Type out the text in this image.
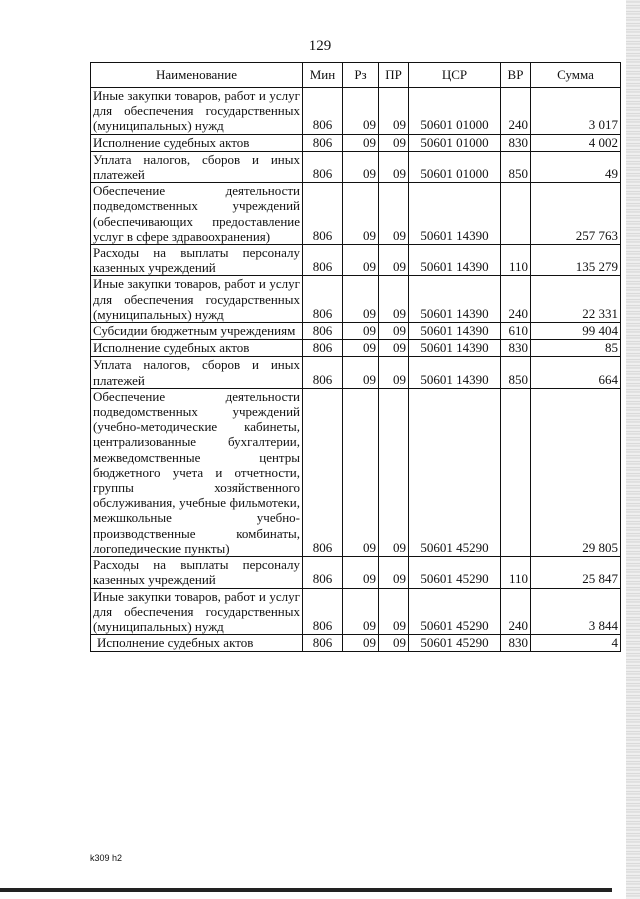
129
Наименование	Мин	Рз	ПР	ЦСР	ВР	Сумма
Иные закупки товаров, работ и услуг для обеспечения государственных (муниципальных) нужд	806	09	09	50601 01000	240	3 017
Исполнение судебных актов	806	09	09	50601 01000	830	4 002
Уплата налогов, сборов и иных платежей	806	09	09	50601 01000	850	49
Обеспечение деятельности подведомственных учреждений (обеспечивающих предоставление услуг в сфере здравоохранения)	806	09	09	50601 14390		257 763
Расходы на выплаты персоналу казенных учреждений	806	09	09	50601 14390	110	135 279
Иные закупки товаров, работ и услуг для обеспечения государственных (муниципальных) нужд	806	09	09	50601 14390	240	22 331
Субсидии бюджетным учреждениям	806	09	09	50601 14390	610	99 404
Исполнение судебных актов	806	09	09	50601 14390	830	85
Уплата налогов, сборов и иных платежей	806	09	09	50601 14390	850	664
Обеспечение деятельности подведомственных учреждений (учебно-методические кабинеты, централизованные бухгалтерии, межведомственные центры бюджетного учета и отчетности, группы хозяйственного обслуживания, учебные фильмотеки, межшкольные учебно-производственные комбинаты, логопедические пункты)	806	09	09	50601 45290		29 805
Расходы на выплаты персоналу казенных учреждений	806	09	09	50601 45290	110	25 847
Иные закупки товаров, работ и услуг для обеспечения государственных (муниципальных) нужд	806	09	09	50601 45290	240	3 844
Исполнение судебных актов	806	09	09	50601 45290	830	4
k309 h2
